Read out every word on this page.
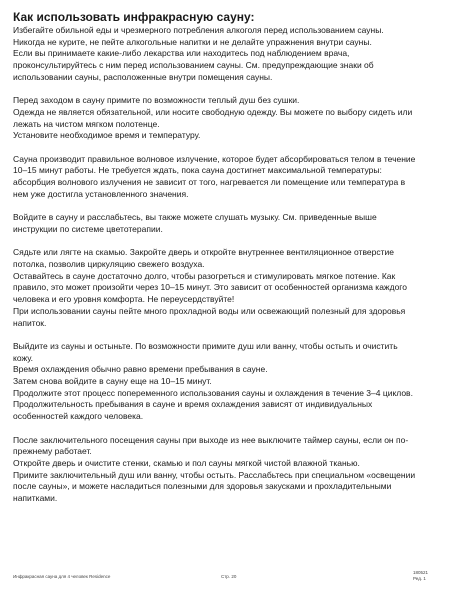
Как использовать инфракрасную сауну:
Избегайте обильной еды и чрезмерного потребления алкоголя перед использованием сауны.
Никогда не курите, не пейте алкогольные напитки и не делайте упражнения внутри сауны.
Если вы принимаете какие-либо лекарства или находитесь под наблюдением врача,
проконсультируйтесь с ним перед использованием сауны. См. предупреждающие знаки об
использовании сауны, расположенные внутри помещения сауны.
Перед заходом в сауну примите по возможности теплый душ без сушки.
Одежда не является обязательной, или носите свободную одежду. Вы можете по выбору сидеть или
лежать на чистом мягком полотенце.
Установите необходимое время и температуру.
Сауна производит правильное волновое излучение, которое будет абсорбироваться телом в течение
10–15 минут работы. Не требуется ждать, пока сауна достигнет максимальной температуры:
абсорбция волнового излучения не зависит от того, нагревается ли помещение или температура в
нем уже достигла установленного значения.
Войдите в сауну и расслабьтесь, вы также можете слушать музыку. См. приведенные выше
инструкции по системе цветотерапии.
Сядьте или лягте на скамью. Закройте дверь и откройте внутреннее вентиляционное отверстие
потолка, позволив циркуляцию свежего воздуха.
Оставайтесь в сауне достаточно долго, чтобы разогреться и стимулировать мягкое потение. Как
правило, это может произойти через 10–15 минут. Это зависит от особенностей организма каждого
человека и его уровня комфорта. Не переусердствуйте!
При использовании сауны пейте много прохладной воды или освежающий полезный для здоровья
напиток.
Выйдите из сауны и остыньте. По возможности примите душ или ванну, чтобы остыть и очистить
кожу.
Время охлаждения обычно равно времени пребывания в сауне.
Затем снова войдите в сауну еще на 10–15 минут.
Продолжите этот процесс попеременного использования сауны и охлаждения в течение 3–4 циклов.
Продолжительность пребывания в сауне и время охлаждения зависят от индивидуальных
особенностей каждого человека.
После заключительного посещения сауны при выходе из нее выключите таймер сауны, если он по-
прежнему работает.
Откройте дверь и очистите стенки, скамью и пол сауны мягкой чистой влажной тканью.
Примите заключительный душ или ванну, чтобы остыть. Расслабьтесь при специальном «освещении
после сауны», и можете насладиться полезными для здоровья закусками и прохладительными
напитками.
Инфракрасная сауна для 4 человек Residence	Стр. 20
180521
Ред. 1
